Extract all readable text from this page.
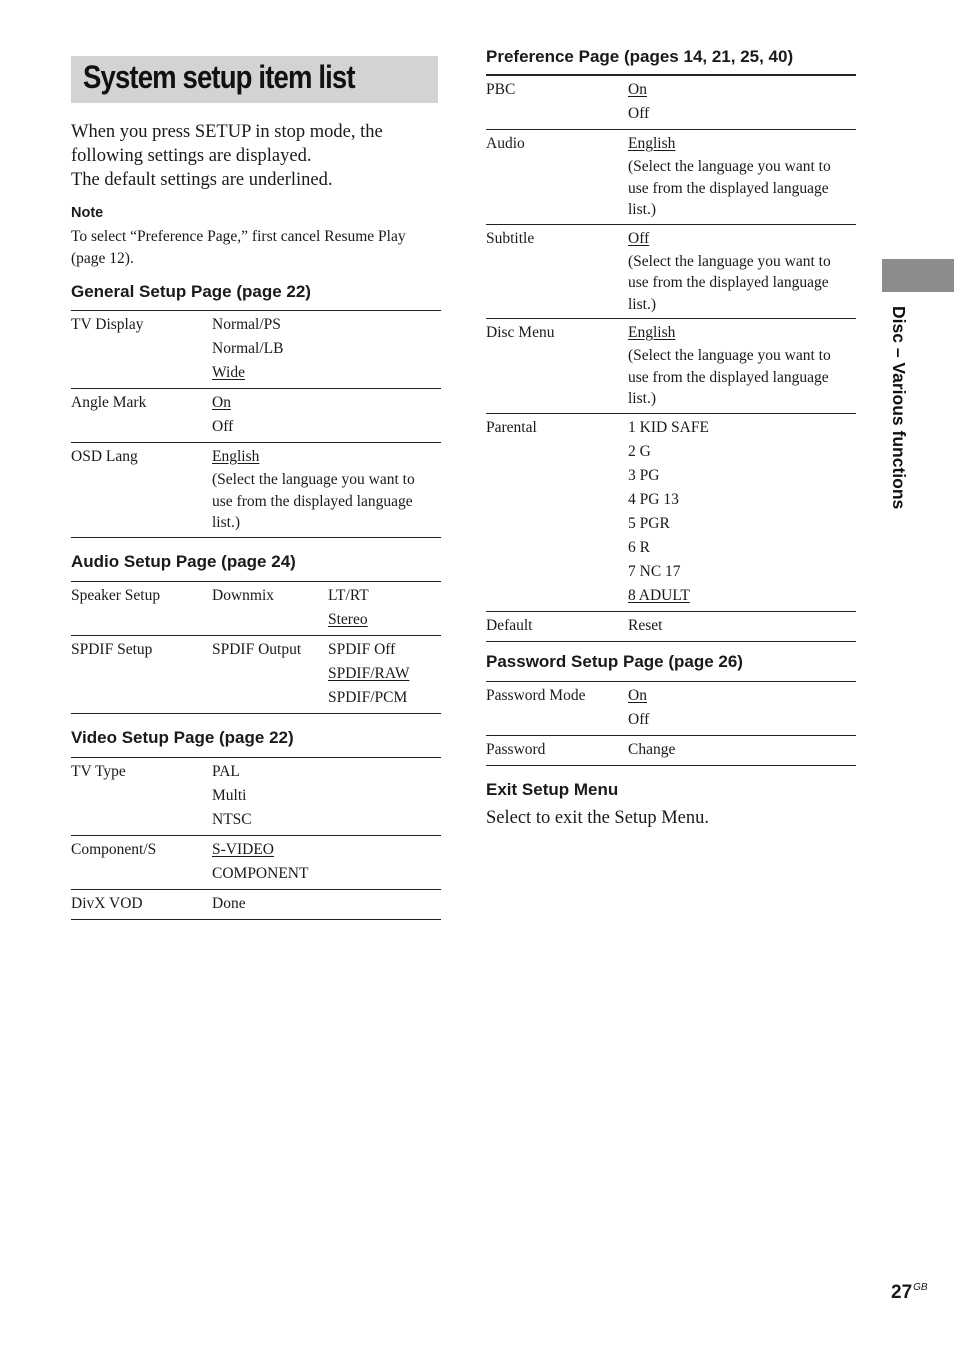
System setup item list
When you press SETUP in stop mode, the
following settings are displayed.
The default settings are underlined.
Note
To select “Preference Page,” first cancel Resume Play (page 12).
General Setup Page (page 22)
TV Display	Normal/PS
Normal/LB
Wide
Angle Mark	On
Off
OSD Lang	English
(Select the language you want to use from the displayed language list.)
Audio Setup Page (page 24)
Speaker Setup	Downmix	LT/RT
Stereo
SPDIF Setup	SPDIF Output	SPDIF Off
SPDIF/RAW
SPDIF/PCM
Video Setup Page (page 22)
TV Type	PAL
Multi
NTSC
Component/S	S-VIDEO
COMPONENT
DivX VOD	Done
Preference Page (pages 14, 21, 25, 40)
PBC	On
Off
Audio	English
(Select the language you want to use from the displayed language list.)
Subtitle	Off
(Select the language you want to use from the displayed language list.)
Disc Menu	English
(Select the language you want to use from the displayed language list.)
Parental	1 KID SAFE
2 G
3 PG
4 PG 13
5 PGR
6 R
7 NC 17
8 ADULT
Default	Reset
Password Setup Page (page 26)
Password Mode	On
Off
Password	Change
Exit Setup Menu
Select to exit the Setup Menu.
Disc – Various functions
$27^{GB}$
